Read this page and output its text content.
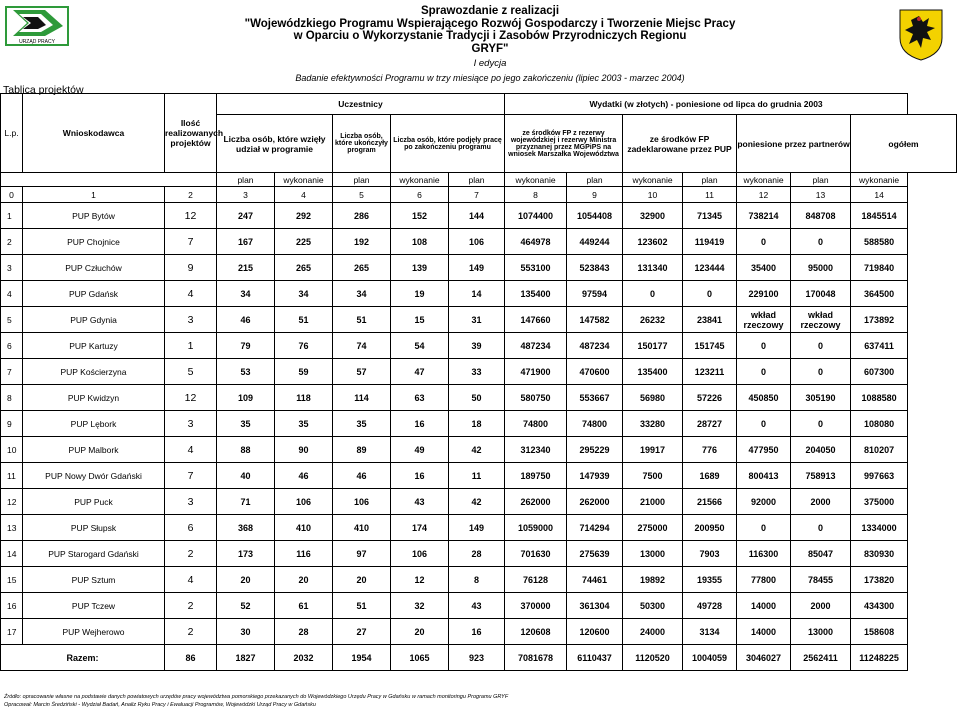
URZĄD PRACY
Sprawozdanie z realizacji
"Wojewódzkiego Programu Wspierającego Rozwój Gospodarczy i Tworzenie Miejsc Pracy
w Oparciu o Wykorzystanie Tradycji i Zasobów Przyrodniczych Regionu
GRYF"
I edycja
Badanie efektywności Programu w trzy miesiące po jego zakończeniu (lipiec 2003 - marzec 2004)
Tablica projektów
L.p.	Wnioskodawca	Ilość realizowanych projektów	Uczestnicy					Wydatki (w złotych) - poniesione od lipca do grudnia 2003						
			Liczba osób, które wzięły udział w programie		Liczba osób, które ukończyły program	Liczba osób, które podjęły pracę po zakończeniu programu		ze środków FP z rezerwy wojewódzkiej i rezerwy Ministra przyznanej przez MGPiPS na wniosek Marszałka Województwa		ze środków FP zadeklarowane przez PUP		poniesione przez partnerów		ogółem
			plan	wykonanie	plan	wykonanie	plan	wykonanie	plan	wykonanie	plan	wykonanie	plan	wykonanie
0	1	2	3	4	5	6	7	8	9	10	11	12	13	14
1	PUP Bytów	12	247	292	286	152	144	1074400	1054408	32900	71345	738214	848708	1845514
2	PUP Chojnice	7	167	225	192	108	106	464978	449244	123602	119419	0	0	588580
3	PUP Człuchów	9	215	265	265	139	149	553100	523843	131340	123444	35400	95000	719840
4	PUP Gdańsk	4	34	34	34	19	14	135400	97594	0	0	229100	170048	364500
5	PUP Gdynia	3	46	51	51	15	31	147660	147582	26232	23841	wkład rzeczowy	wkład rzeczowy	173892
6	PUP Kartuzy	1	79	76	74	54	39	487234	487234	150177	151745	0	0	637411
7	PUP Kościerzyna	5	53	59	57	47	33	471900	470600	135400	123211	0	0	607300
8	PUP Kwidzyn	12	109	118	114	63	50	580750	553667	56980	57226	450850	305190	1088580
9	PUP Lębork	3	35	35	35	16	18	74800	74800	33280	28727	0	0	108080
10	PUP Malbork	4	88	90	89	49	42	312340	295229	19917	776	477950	204050	810207
11	PUP Nowy Dwór Gdański	7	40	46	46	16	11	189750	147939	7500	1689	800413	758913	997663
12	PUP Puck	3	71	106	106	43	42	262000	262000	21000	21566	92000	2000	375000
13	PUP Słupsk	6	368	410	410	174	149	1059000	714294	275000	200950	0	0	1334000
14	PUP Starogard Gdański	2	173	116	97	106	28	701630	275639	13000	7903	116300	85047	830930
15	PUP Sztum	4	20	20	20	12	8	76128	74461	19892	19355	77800	78455	173820
16	PUP Tczew	2	52	61	51	32	43	370000	361304	50300	49728	14000	2000	434300
17	PUP Wejherowo	2	30	28	27	20	16	120608	120600	24000	3134	14000	13000	158608
Razem:		86	1827	2032	1954	1065	923	7081678	6110437	1120520	1004059	3046027	2562411	11248225
Źródło: opracowanie własne na podstawie danych powiatowych urzędów pracy województwa pomorskiego przekazanych do Wojewódzkiego Urzędu Pracy w Gdańsku w ramach monitoringu Programu GRYF
Opracował: Marcin Średziński - Wydział Badań, Analiz Ryku Pracy i Ewaluacji Programów, Wojewódzki Urząd Pracy w Gdańsku
